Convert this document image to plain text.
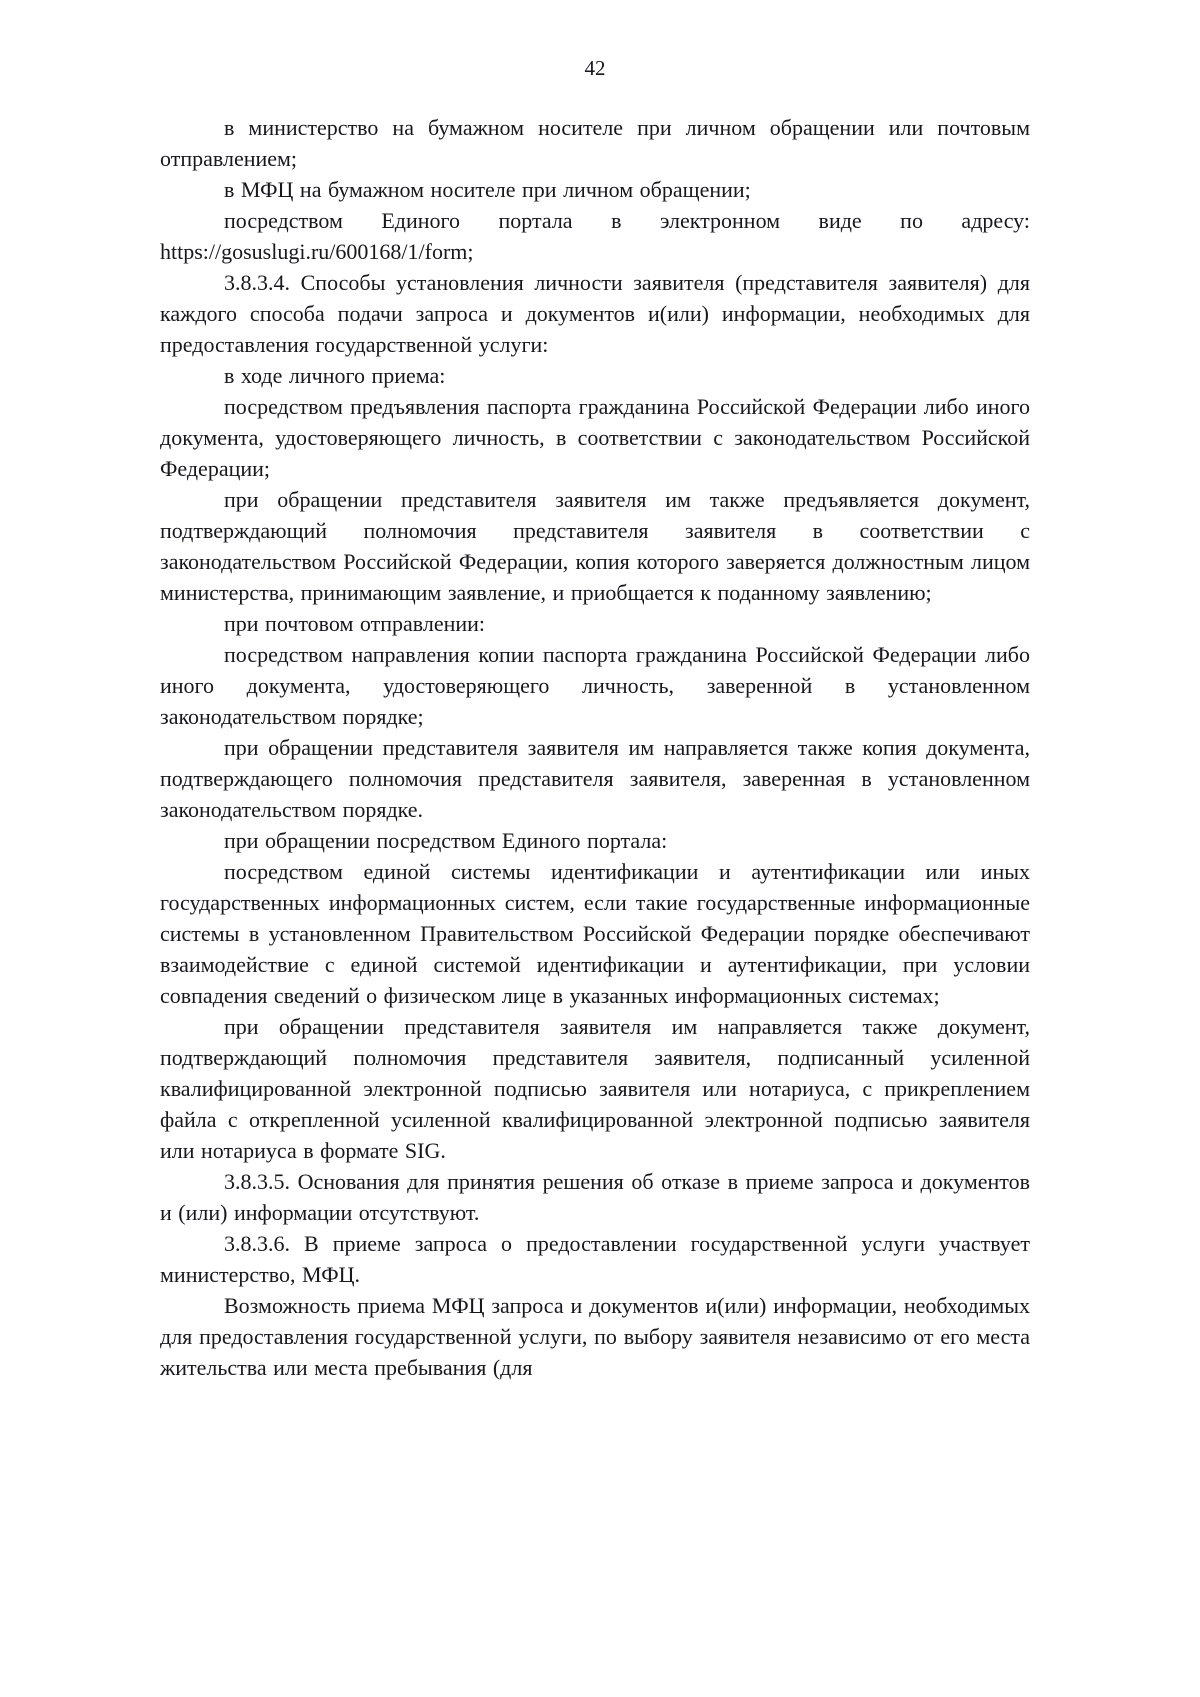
42

в министерство на бумажном носителе при личном обращении или почтовым отправлением;

в МФЦ на бумажном носителе при личном обращении;

посредством Единого портала в электронном виде по адресу: https://gosuslugi.ru/600168/1/form;

3.8.3.4. Способы установления личности заявителя (представителя заявителя) для каждого способа подачи запроса и документов и(или) информации, необходимых для предоставления государственной услуги:

в ходе личного приема:

посредством предъявления паспорта гражданина Российской Федерации либо иного документа, удостоверяющего личность, в соответствии с законодательством Российской Федерации;

при обращении представителя заявителя им также предъявляется документ, подтверждающий полномочия представителя заявителя в соответствии с законодательством Российской Федерации, копия которого заверяется должностным лицом министерства, принимающим заявление, и приобщается к поданному заявлению;

при почтовом отправлении:

посредством направления копии паспорта гражданина Российской Федерации либо иного документа, удостоверяющего личность, заверенной в установленном законодательством порядке;

при обращении представителя заявителя им направляется также копия документа, подтверждающего полномочия представителя заявителя, заверенная в установленном законодательством порядке.

при обращении посредством Единого портала:

посредством единой системы идентификации и аутентификации или иных государственных информационных систем, если такие государственные информационные системы в установленном Правительством Российской Федерации порядке обеспечивают взаимодействие с единой системой идентификации и аутентификации, при условии совпадения сведений о физическом лице в указанных информационных системах;

при обращении представителя заявителя им направляется также документ, подтверждающий полномочия представителя заявителя, подписанный усиленной квалифицированной электронной подписью заявителя или нотариуса, с прикреплением файла с открепленной усиленной квалифицированной электронной подписью заявителя или нотариуса в формате SIG.

3.8.3.5. Основания для принятия решения об отказе в приеме запроса и документов и (или) информации отсутствуют.

3.8.3.6. В приеме запроса о предоставлении государственной услуги участвует министерство, МФЦ.

Возможность приема МФЦ запроса и документов и(или) информации, необходимых для предоставления государственной услуги, по выбору заявителя независимо от его места жительства или места пребывания (для
